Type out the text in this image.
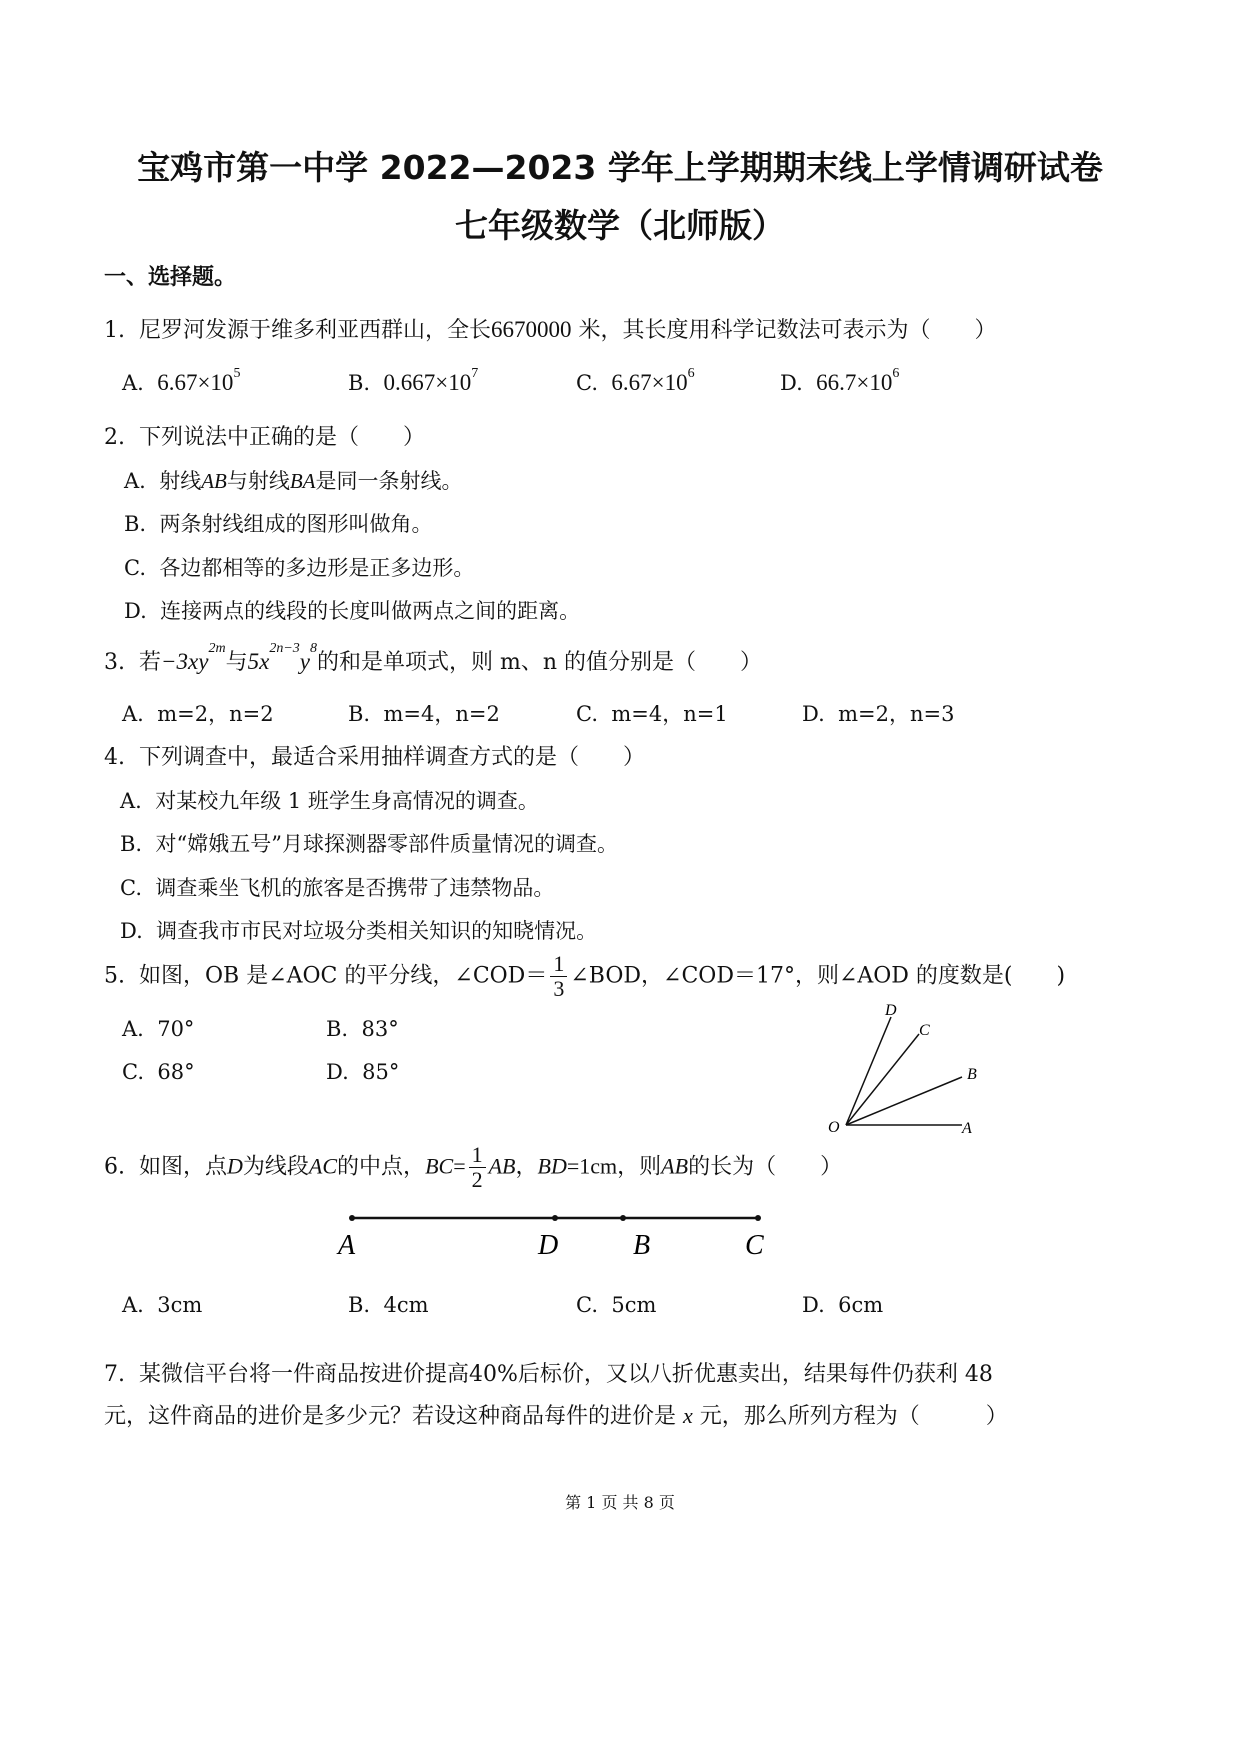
宝鸡市第一中学 2022—2023 学年上学期期末线上学情调研试卷
七年级数学（北师版）
一、选择题。
1. 尼罗河发源于维多利亚西群山，全长6670000 米，其长度用科学记数法可表示为（　　）
A. $6.67\times 10^5$	B. $0.667\times 10^7$	C. $6.67\times 10^6$	D. $66.7\times 10^6$
2. 下列说法中正确的是（　　）
A. 射线AB与射线BA是同一条射线。
B. 两条射线组成的图形叫做角。
C. 各边都相等的多边形是正多边形。
D. 连接两点的线段的长度叫做两点之间的距离。
3. 若$-3xy^{2m}$与$5x^{2n-3}y^8$的和是单项式，则 m、n 的值分别是（　　）
A. m=2，n=2	B. m=4，n=2	C. m=4，n=1	D. m=2，n=3
4. 下列调查中，最适合采用抽样调查方式的是（　　）
A. 对某校九年级 1 班学生身高情况的调查。
B. 对“嫦娥五号”月球探测器零部件质量情况的调查。
C. 调查乘坐飞机的旅客是否携带了违禁物品。
D. 调查我市市民对垃圾分类相关知识的知晓情况。
5. 如图，OB 是∠AOC 的平分线，∠COD＝ $\frac{1}{3}$ ∠BOD，∠COD＝17°，则∠AOD 的度数是(　　)
A. 70°	B. 83°
C. 68°	D. 85°
D
C
B
O	A
6. 如图，点D为线段AC的中点，$BC= \frac{1}{2}$ AB，BD=1cm，则AB的长为（　　）
A	D	B	C
A. 3cm	B. 4cm	C. 5cm	D. 6cm
7. 某微信平台将一件商品按进价提高40%后标价，又以八折优惠卖出，结果每件仍获利 48
元，这件商品的进价是多少元？若设这种商品每件的进价是 x 元，那么所列方程为（　　　）
第 1 页 共 8 页
